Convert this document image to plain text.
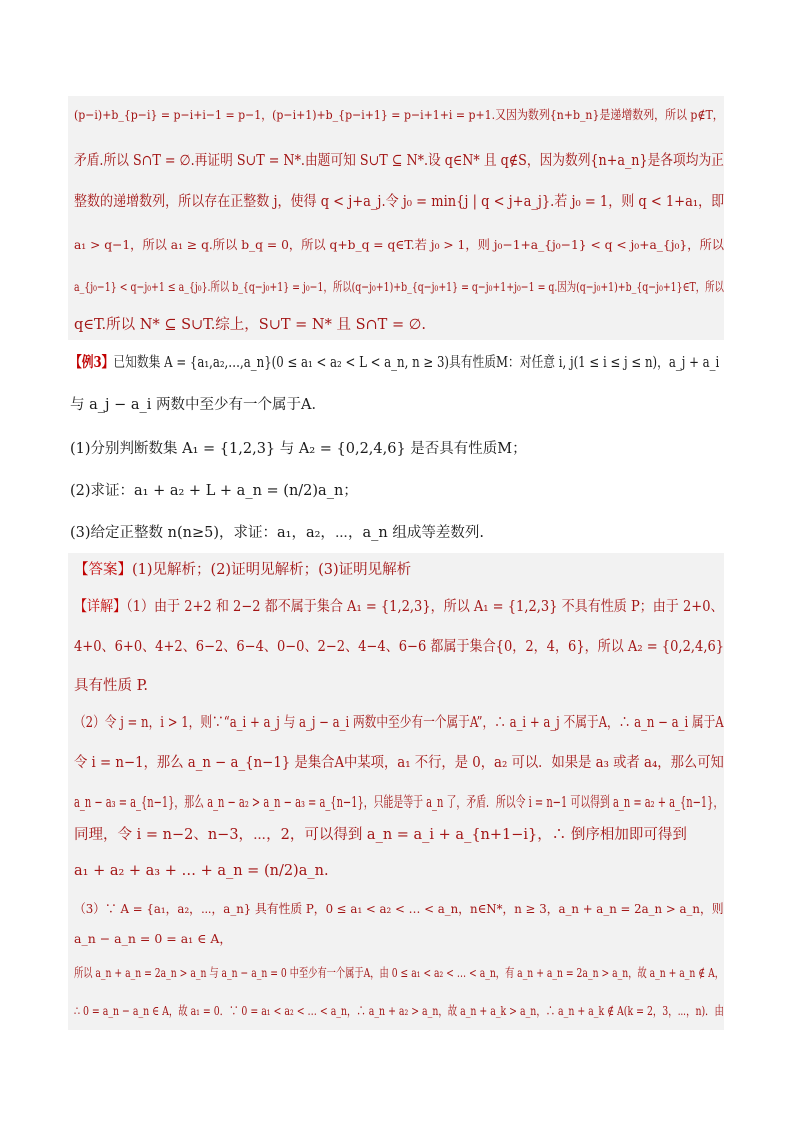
(p−i)+b_{p−i} = p−i+i−1 = p−1，(p−i+1)+b_{p−i+1} = p−i+1+i = p+1.又因为数列{n+b_n}是递增数列，所以 p∉T，
矛盾.所以 S∩T = ∅.再证明 S∪T = N*.由题可知 S∪T ⊆ N*.设 q∈N* 且 q∉S，因为数列{n+a_n}是各项均为正
整数的递增数列，所以存在正整数 j，使得 q < j+a_j.令 j₀ = min{j | q < j+a_j}.若 j₀ = 1，则 q < 1+a₁，即
a₁ > q−1，所以 a₁ ≥ q.所以 b_q = 0，所以 q+b_q = q∈T.若 j₀ > 1，则 j₀−1+a_{j₀−1} < q < j₀+a_{j₀}，所以
a_{j₀−1} < q−j₀+1 ≤ a_{j₀}.所以 b_{q−j₀+1} = j₀−1，所以(q−j₀+1)+b_{q−j₀+1} = q−j₀+1+j₀−1 = q.因为(q−j₀+1)+b_{q−j₀+1}∈T，所以
q∈T.所以 N* ⊆ S∪T.综上，S∪T = N* 且 S∩T = ∅.
【例3】已知数集 A = {a₁,a₂,…,a_n}(0 ≤ a₁ < a₂ < L < a_n, n ≥ 3)具有性质M：对任意 i, j(1 ≤ i ≤ j ≤ n)，a_j + a_i
与 a_j − a_i 两数中至少有一个属于A．
(1)分别判断数集 A₁ = {1,2,3} 与 A₂ = {0,2,4,6} 是否具有性质M；
(2)求证：a₁ + a₂ + L + a_n = (n/2)a_n；
(3)给定正整数 n(n≥5)，求证：a₁，a₂，⋯，a_n 组成等差数列.
【答案】(1)见解析；(2)证明见解析；(3)证明见解析
【详解】（1）由于 2+2 和 2−2 都不属于集合 A₁ = {1,2,3}，所以 A₁ = {1,2,3} 不具有性质 P；由于 2+0、
4+0、6+0、4+2、6−2、6−4、0−0、2−2、4−4、6−6 都属于集合{0，2，4，6}，所以 A₂ = {0,2,4,6}
具有性质 P.
（2）令 j = n，i > 1，则∵“a_i + a_j 与 a_j − a_i 两数中至少有一个属于A”，∴ a_i + a_j 不属于A，∴ a_n − a_i 属于A
令 i = n−1，那么 a_n − a_{n−1} 是集合A中某项，a₁ 不行，是 0，a₂ 可以．如果是 a₃ 或者 a₄，那么可知
a_n − a₃ = a_{n−1}，那么 a_n − a₂ > a_n − a₃ = a_{n−1}，只能是等于 a_n 了，矛盾．所以令 i = n−1 可以得到 a_n = a₂ + a_{n−1}，
同理，令 i = n−2、n−3，⋯，2，可以得到 a_n = a_i + a_{n+1−i}，∴ 倒序相加即可得到
a₁ + a₂ + a₃ + … + a_n = (n/2)a_n.
（3）∵ A = {a₁，a₂，⋯，a_n} 具有性质 P，0 ≤ a₁ < a₂ < … < a_n，n∈N*，n ≥ 3，a_n + a_n = 2a_n > a_n，则
a_n − a_n = 0 = a₁ ∈ A，
所以 a_n + a_n = 2a_n > a_n 与 a_n − a_n = 0 中至少有一个属于A，由 0 ≤ a₁ < a₂ < … < a_n，有 a_n + a_n = 2a_n > a_n，故 a_n + a_n ∉ A，
∴ 0 = a_n − a_n ∈ A，故 a₁ = 0．∵ 0 = a₁ < a₂ < … < a_n，∴ a_n + a₂ > a_n，故 a_n + a_k > a_n，∴ a_n + a_k ∉ A(k = 2，3，⋯，n)．由
